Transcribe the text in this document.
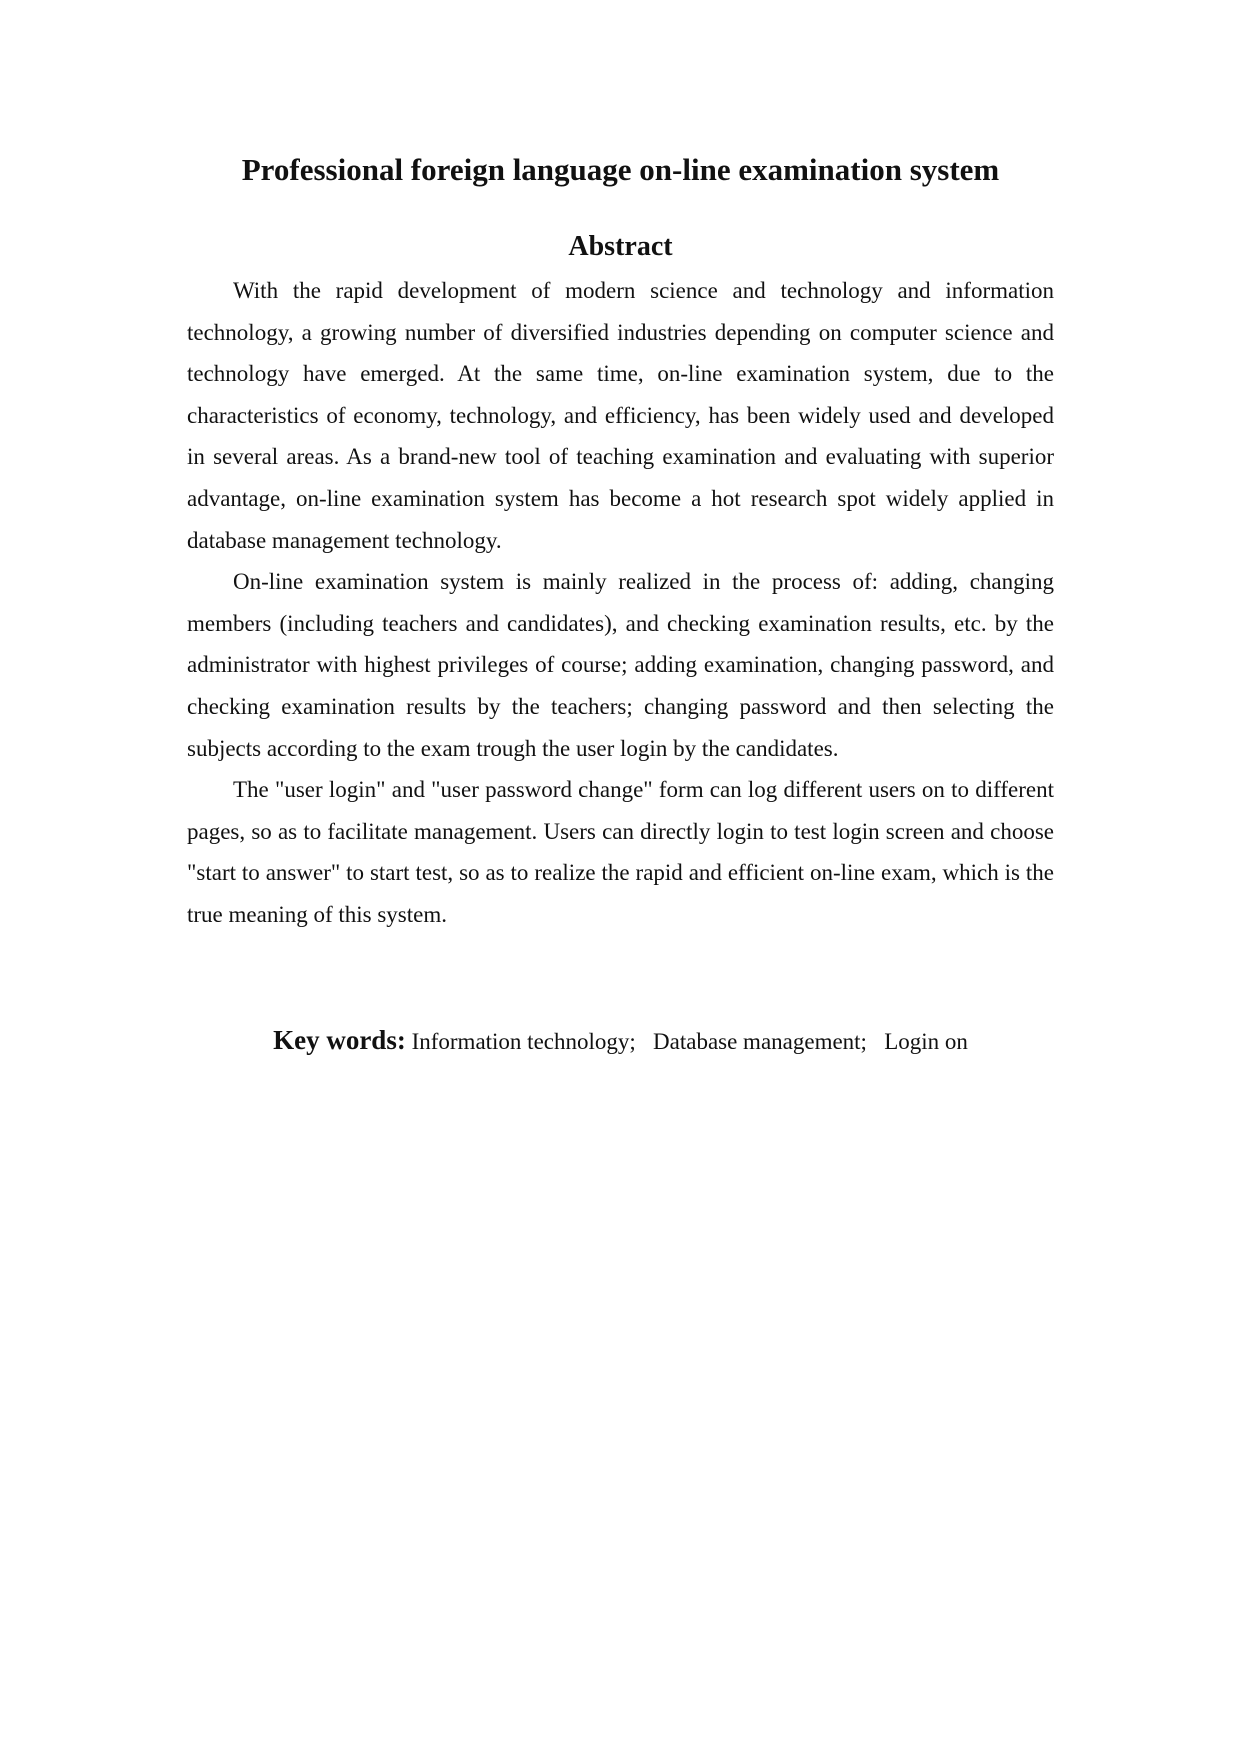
Professional foreign language on-line examination system
Abstract

With the rapid development of modern science and technology and information technology, a growing number of diversified industries depending on computer science and technology have emerged. At the same time, on-line examination system, due to the characteristics of economy, technology, and efficiency, has been widely used and developed in several areas. As a brand-new tool of teaching examination and evaluating with superior advantage, on-line examination system has become a hot research spot widely applied in database management technology.

On-line examination system is mainly realized in the process of: adding, changing members (including teachers and candidates), and checking examination results, etc. by the administrator with highest privileges of course; adding examination, changing password, and checking examination results by the teachers; changing password and then selecting the subjects according to the exam trough the user login by the candidates.

The "user login" and "user password change" form can log different users on to different pages, so as to facilitate management. Users can directly login to test login screen and choose "start to answer" to start test, so as to realize the rapid and efficient on-line exam, which is the true meaning of this system.

Key words: Information technology;   Database management;   Login on
